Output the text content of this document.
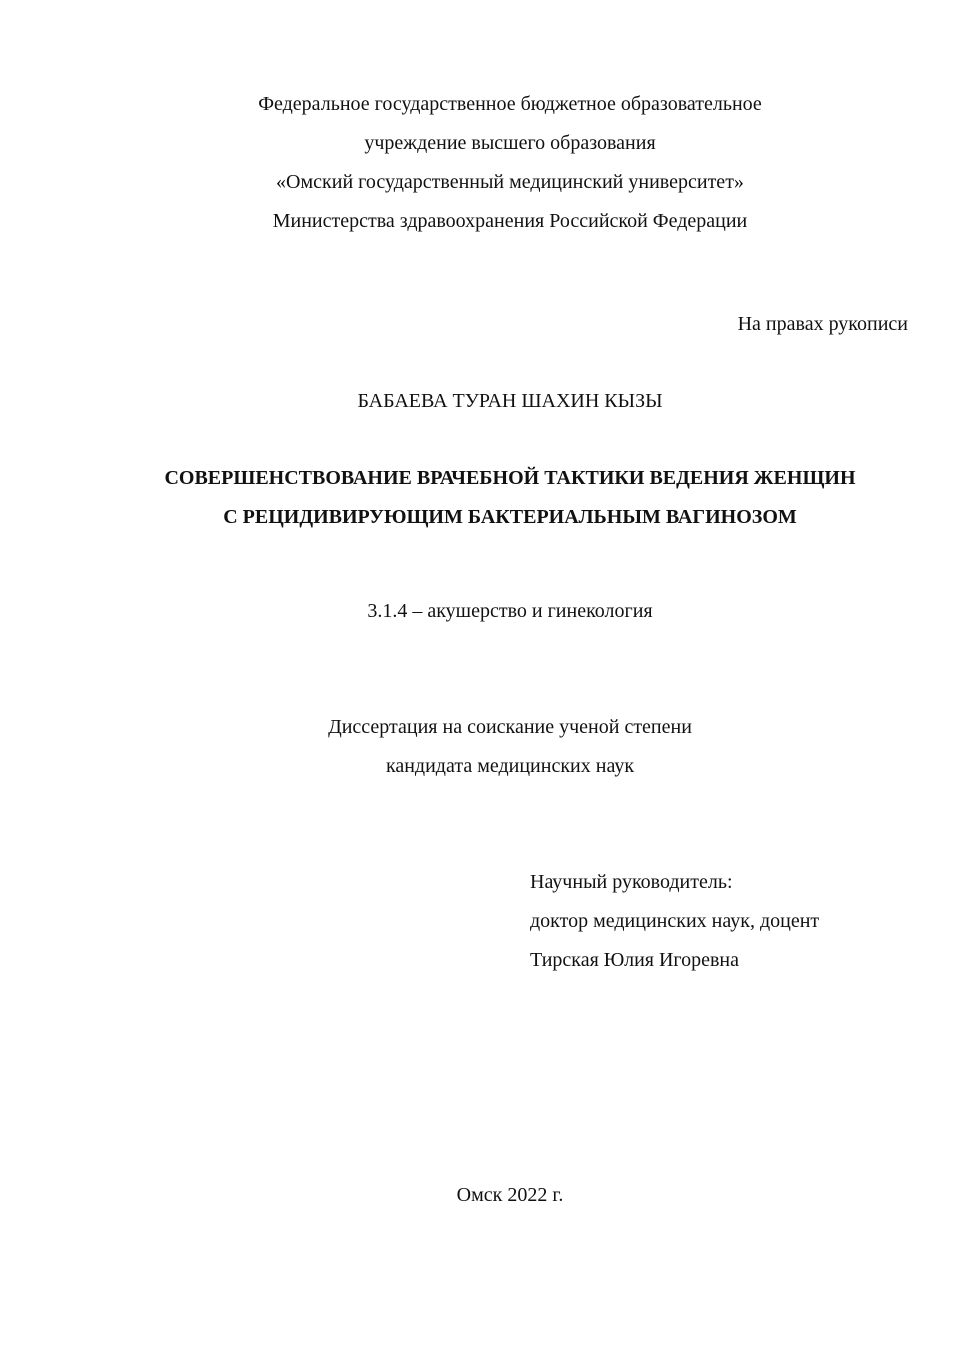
Федеральное государственное бюджетное образовательное
учреждение высшего образования
«Омский государственный медицинский университет»
Министерства здравоохранения Российской Федерации
На правах рукописи
БАБАЕВА ТУРАН ШАХИН КЫЗЫ
СОВЕРШЕНСТВОВАНИЕ ВРАЧЕБНОЙ ТАКТИКИ ВЕДЕНИЯ ЖЕНЩИН
С РЕЦИДИВИРУЮЩИМ БАКТЕРИАЛЬНЫМ ВАГИНОЗОМ
3.1.4 – акушерство и гинекология
Диссертация на соискание ученой степени
кандидата медицинских наук
Научный руководитель:
доктор медицинских наук, доцент
Тирская Юлия Игоревна
Омск 2022 г.
